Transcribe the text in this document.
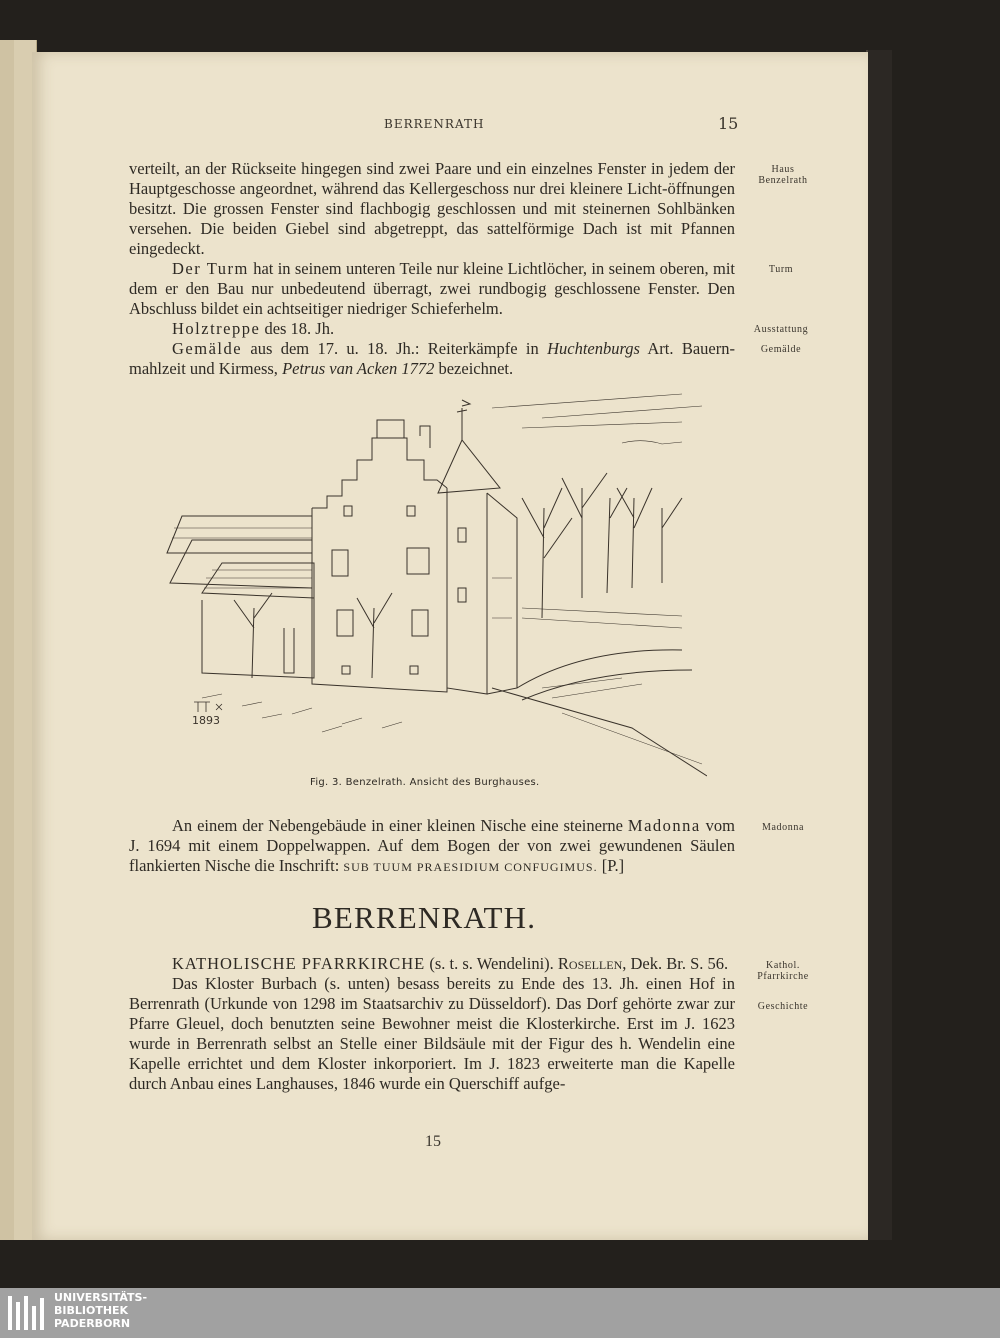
BERRENRATH	15

verteilt, an der Rückseite hingegen sind zwei Paare und ein einzelnes Fenster in jedem der Hauptgeschosse angeordnet, während das Kellergeschoss nur drei kleinere Licht-öffnungen besitzt. Die grossen Fenster sind flachbogig geschlossen und mit steinernen Sohlbänken versehen. Die beiden Giebel sind abgetreppt, das sattelförmige Dach ist mit Pfannen eingedeckt.

Der Turm hat in seinem unteren Teile nur kleine Lichtlöcher, in seinem oberen, mit dem er den Bau nur unbedeutend überragt, zwei rundbogig geschlossene Fenster. Den Abschluss bildet ein achtseitiger niedriger Schieferhelm.

Holztreppe des 18. Jh.

Gemälde aus dem 17. u. 18. Jh.: Reiterkämpfe in Huchtenburgs Art. Bauern-mahlzeit und Kirmess, Petrus van Acken 1772 bezeichnet.

Haus
Benzelrath
Turm
Ausstattung
Gemälde
Madonna
Kathol.
Pfarrkirche
Geschichte
1893
Fig. 3. Benzelrath. Ansicht des Burghauses.

An einem der Nebengebäude in einer kleinen Nische eine steinerne Madonna vom J. 1694 mit einem Doppelwappen. Auf dem Bogen der von zwei gewundenen Säulen flankierten Nische die Inschrift: SUB TUUM PRAESIDIUM CONFUGIMUS. [P.]

BERRENRATH.

KATHOLISCHE PFARRKIRCHE (s. t. s. Wendelini). Rosellen, Dek. Br. S. 56.

Das Kloster Burbach (s. unten) besass bereits zu Ende des 13. Jh. einen Hof in Berrenrath (Urkunde von 1298 im Staatsarchiv zu Düsseldorf). Das Dorf gehörte zwar zur Pfarre Gleuel, doch benutzten seine Bewohner meist die Klosterkirche. Erst im J. 1623 wurde in Berrenrath selbst an Stelle einer Bildsäule mit der Figur des h. Wendelin eine Kapelle errichtet und dem Kloster inkorporiert. Im J. 1823 erweiterte man die Kapelle durch Anbau eines Langhauses, 1846 wurde ein Querschiff aufge-

15
UNIVERSITÄTS-
BIBLIOTHEK
PADERBORN
